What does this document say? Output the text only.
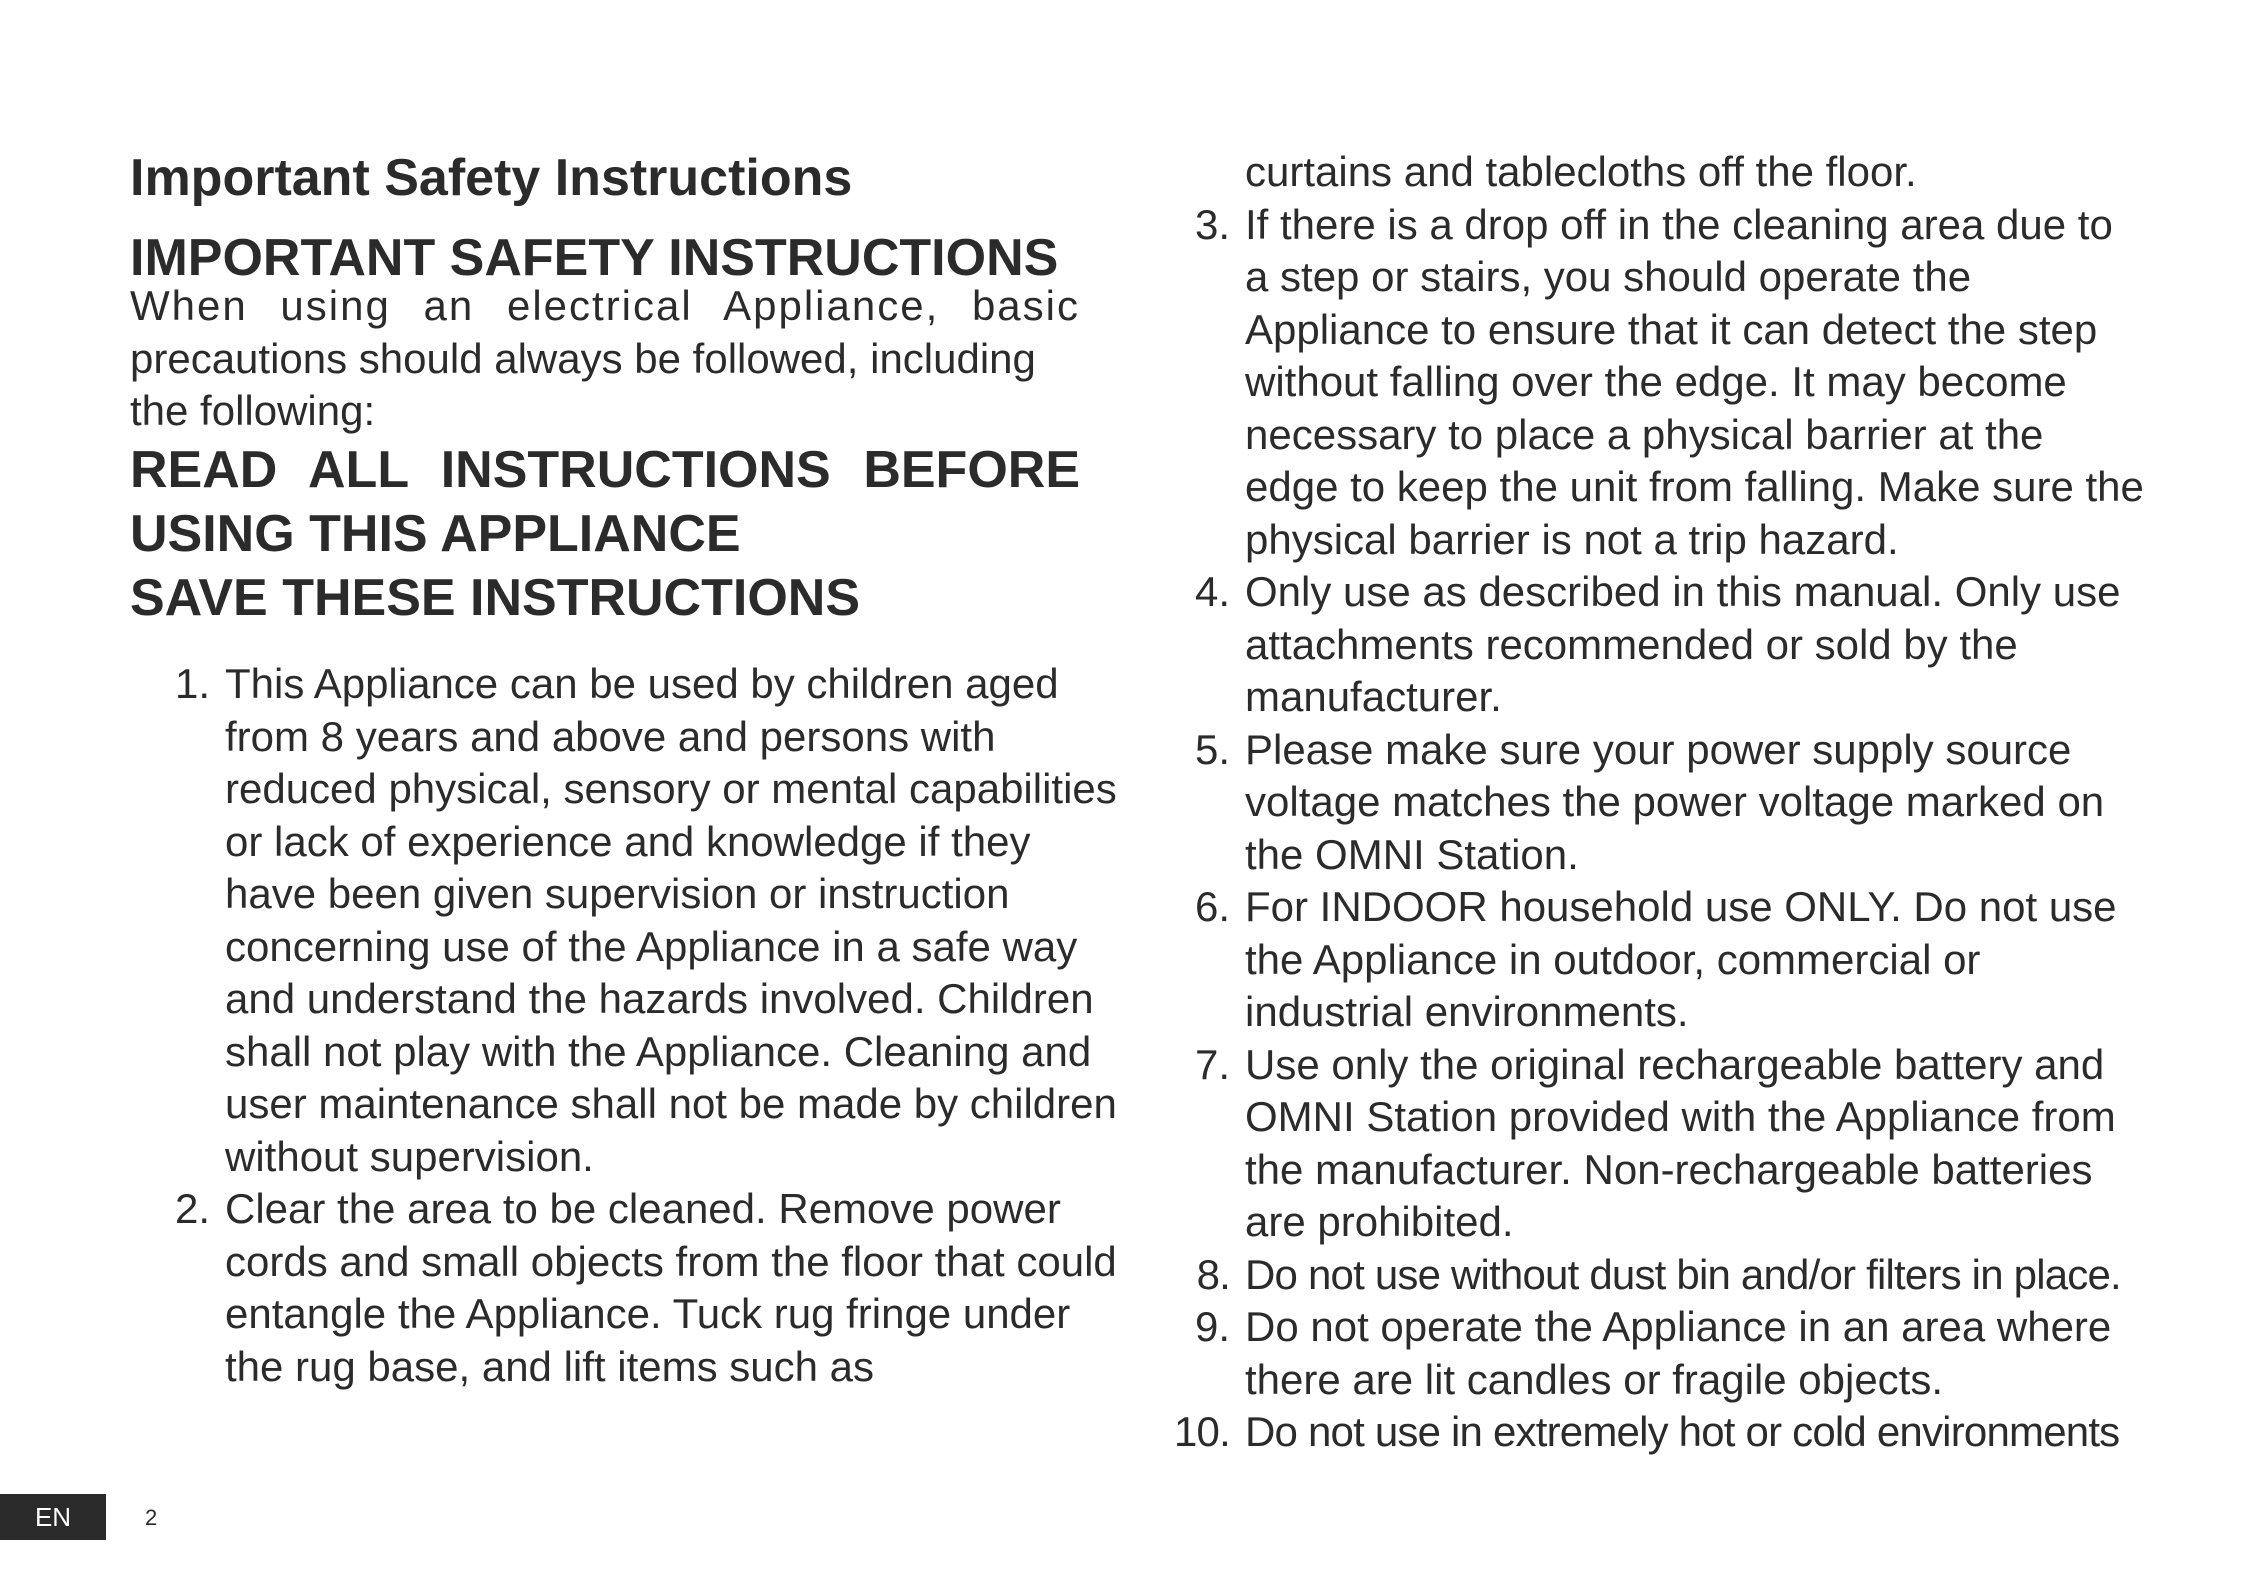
Important Safety Instructions
IMPORTANT SAFETY INSTRUCTIONS

When using an electrical Appliance, basic
precautions should always be followed, including the following:

READ ALL INSTRUCTIONS BEFORE
USING THIS APPLIANCE
SAVE THESE INSTRUCTIONS
1. This Appliance can be used by children aged from 8 years and above and persons with reduced physical, sensory or mental capabilities or lack of experience and knowledge if they have been given supervision or instruction concerning use of the Appliance in a safe way and understand the hazards involved. Children shall not play with the Appliance. Cleaning and user maintenance shall not be made by children without supervision.
2. Clear the area to be cleaned. Remove power cords and small objects from the floor that could entangle the Appliance. Tuck rug fringe under the rug base, and lift items such as
curtains and tablecloths off the floor.
3. If there is a drop off in the cleaning area due to a step or stairs, you should operate the Appliance to ensure that it can detect the step without falling over the edge. It may become necessary to place a physical barrier at the edge to keep the unit from falling. Make sure the physical barrier is not a trip hazard.
4. Only use as described in this manual. Only use attachments recommended or sold by the manufacturer.
5. Please make sure your power supply source voltage matches the power voltage marked on the OMNI Station.
6. For INDOOR household use ONLY. Do not use the Appliance in outdoor, commercial or industrial environments.
7. Use only the original rechargeable battery and OMNI Station provided with the Appliance from the manufacturer. Non-rechargeable batteries are prohibited.
8. Do not use without dust bin and/or filters in place.
9. Do not operate the Appliance in an area where there are lit candles or fragile objects.
10. Do not use in extremely hot or cold environments
EN	2
